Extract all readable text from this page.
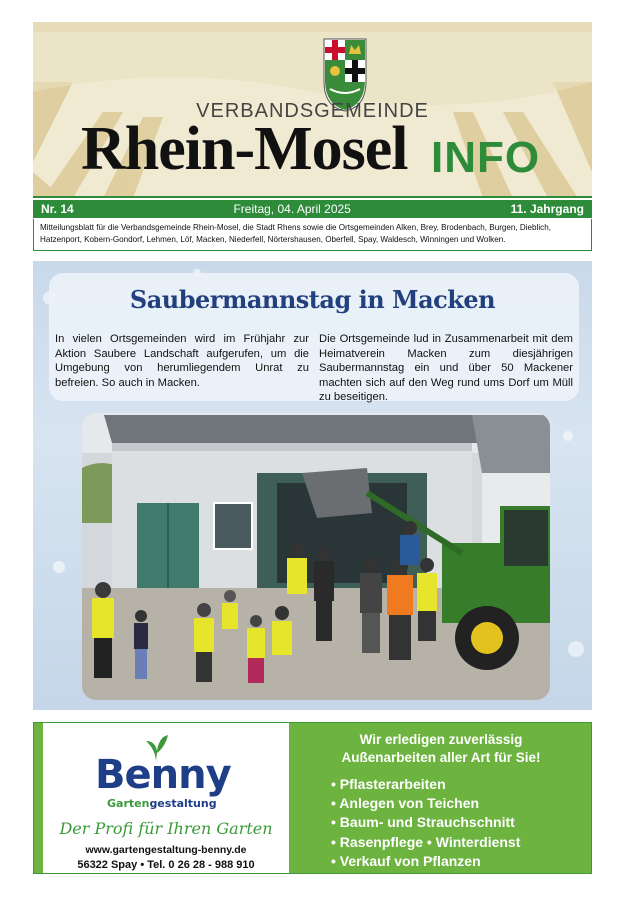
VERBANDSGEMEINDE
Rhein-Mosel INFO
Nr. 14	Freitag, 04. April 2025	11. Jahrgang
Mitteilungsblatt für die Verbandsgemeinde Rhein-Mosel, die Stadt Rhens sowie die Ortsgemeinden Alken, Brey, Brodenbach, Burgen, Dieblich, Hatzenport, Kobern-Gondorf, Lehmen, Löf, Macken, Niederfell, Nörtershausen, Oberfell, Spay, Waldesch, Winningen und Wolken.
Saubermannstag in Macken

In vielen Ortsgemeinden wird im Frühjahr zur Aktion Saubere Landschaft aufgerufen, um die Umgebung von herumliegendem Unrat zu befreien. So auch in Macken.

Die Ortsgemeinde lud in Zusammenarbeit mit dem Heimatverein Macken zum diesjährigen Saubermannstag ein und über 50 Mackener machten sich auf den Weg rund ums Dorf um Müll zu beseitigen.

Benny
Gartengestaltung
Der Profi für Ihren Garten
www.gartengestaltung-benny.de
56322 Spay • Tel. 0 26 28 - 988 910
Wir erledigen zuverlässig
Außenarbeiten aller Art für Sie!
• Pflasterarbeiten
• Anlegen von Teichen
• Baum- und Strauchschnitt
• Rasenpflege • Winterdienst
• Verkauf von Pflanzen
